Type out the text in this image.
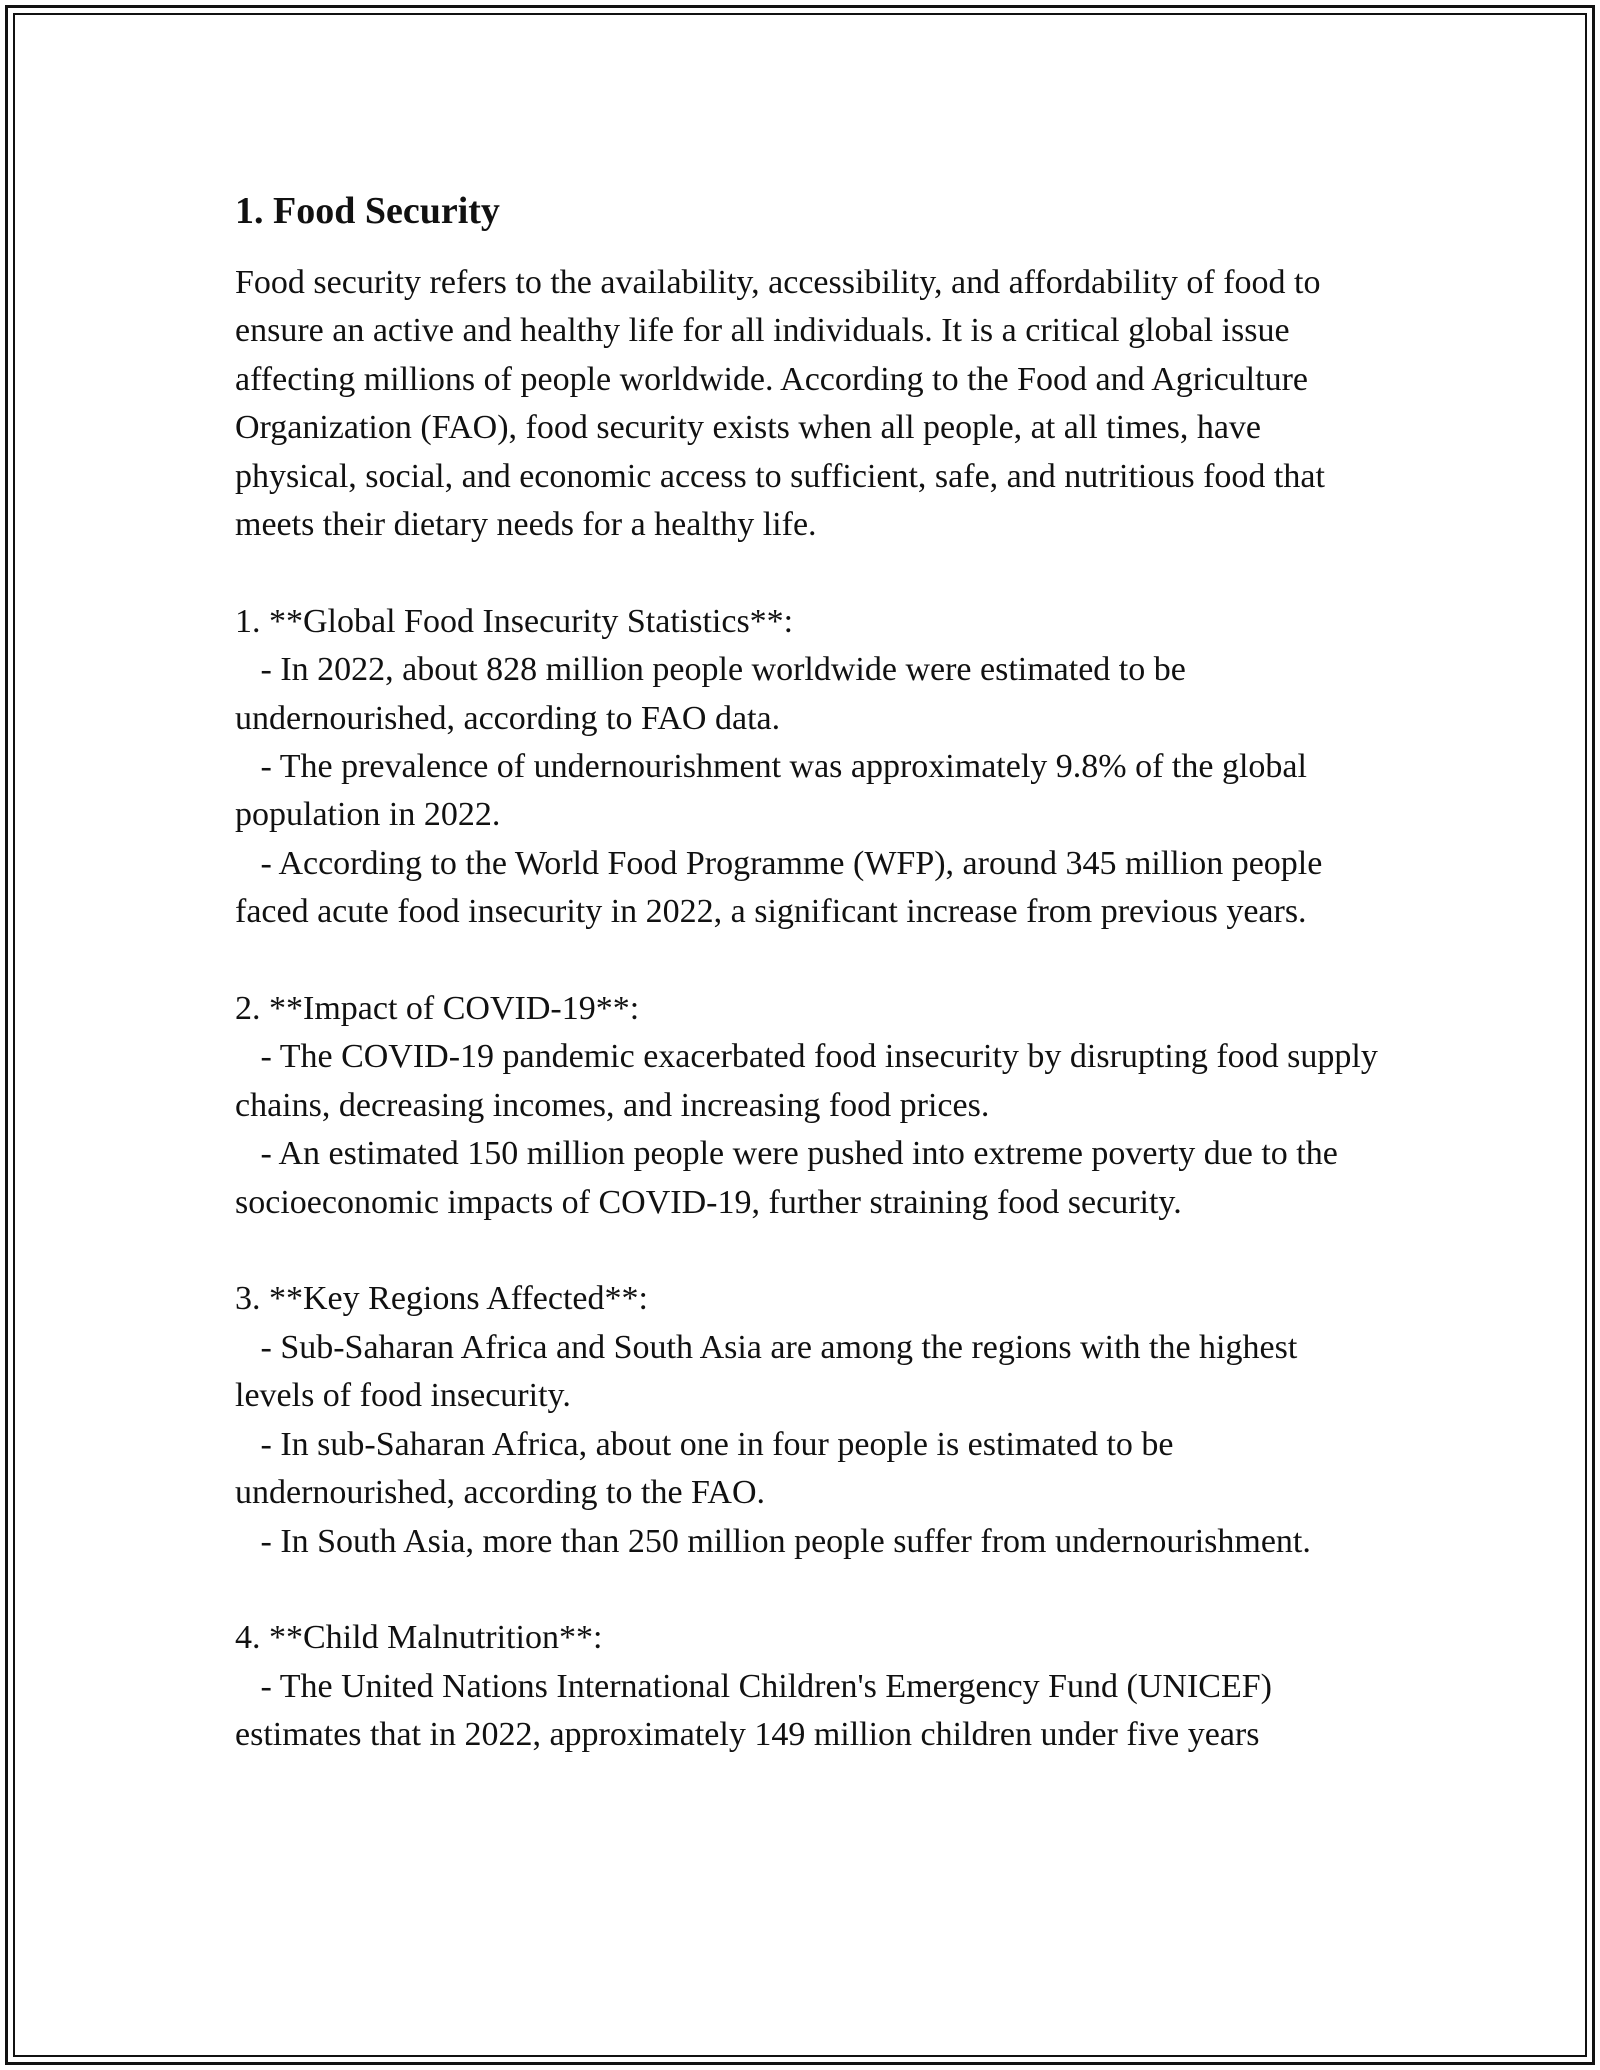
1. Food Security

Food security refers to the availability, accessibility, and affordability of food to ensure an active and healthy life for all individuals. It is a critical global issue affecting millions of people worldwide. According to the Food and Agriculture Organization (FAO), food security exists when all people, at all times, have physical, social, and economic access to sufficient, safe, and nutritious food that meets their dietary needs for a healthy life.

1. **Global Food Insecurity Statistics**:

- In 2022, about 828 million people worldwide were estimated to be undernourished, according to FAO data.

- The prevalence of undernourishment was approximately 9.8% of the global population in 2022.

- According to the World Food Programme (WFP), around 345 million people faced acute food insecurity in 2022, a significant increase from previous years.

2. **Impact of COVID-19**:

- The COVID-19 pandemic exacerbated food insecurity by disrupting food supply chains, decreasing incomes, and increasing food prices.

- An estimated 150 million people were pushed into extreme poverty due to the socioeconomic impacts of COVID-19, further straining food security.

3. **Key Regions Affected**:

- Sub-Saharan Africa and South Asia are among the regions with the highest levels of food insecurity.

- In sub-Saharan Africa, about one in four people is estimated to be undernourished, according to the FAO.

- In South Asia, more than 250 million people suffer from undernourishment.

4. **Child Malnutrition**:

- The United Nations International Children's Emergency Fund (UNICEF) estimates that in 2022, approximately 149 million children under five years
